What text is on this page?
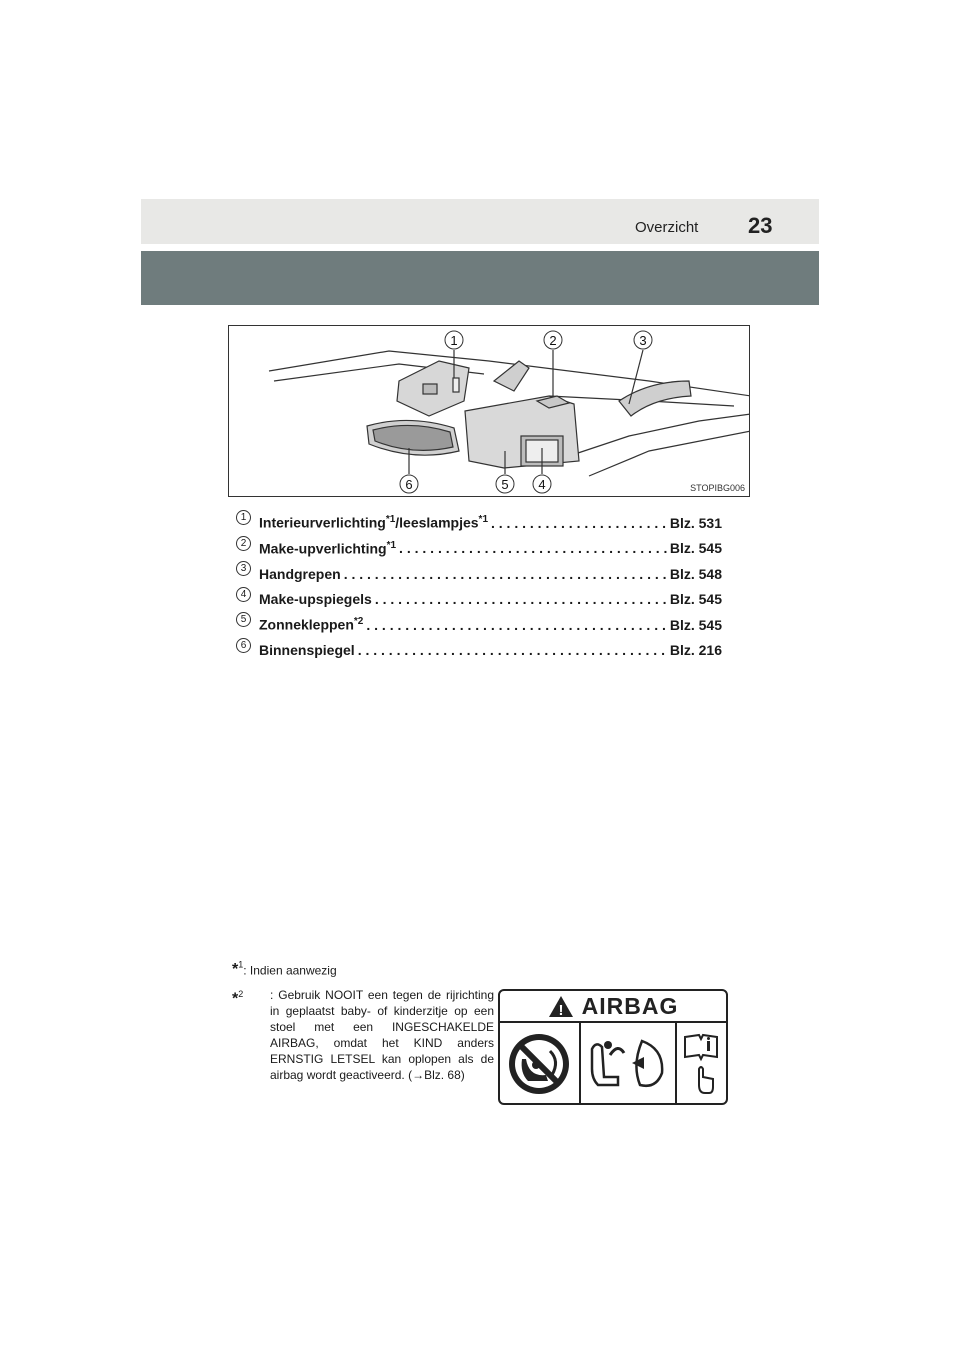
Overzicht 23
1	2	3
4
5
6	STOPIBG006
1 Interieurverlichting$^{*1}$/leeslampjes$^{*1}$ . . .	Blz. 531
2 Make-upverlichting$^{*1}$ . . .	Blz. 545
3 Handgrepen . . .	Blz. 548
4 Make-upspiegels . . .	Blz. 545
5 Zonnekleppen$^{*2}$ . . .	Blz. 545
6 Binnenspiegel . . .	Blz. 216
*$^1$: Indien aanwezig
*$^2$ : Gebruik NOOIT een tegen de rijrichting in geplaatst baby- of kinderzitje op een stoel met een INGESCHAKELDE AIRBAG, omdat het KIND anders ERNSTIG LETSEL kan oplopen als de airbag wordt geactiveerd. (→Blz. 68)
! AIRBAG
